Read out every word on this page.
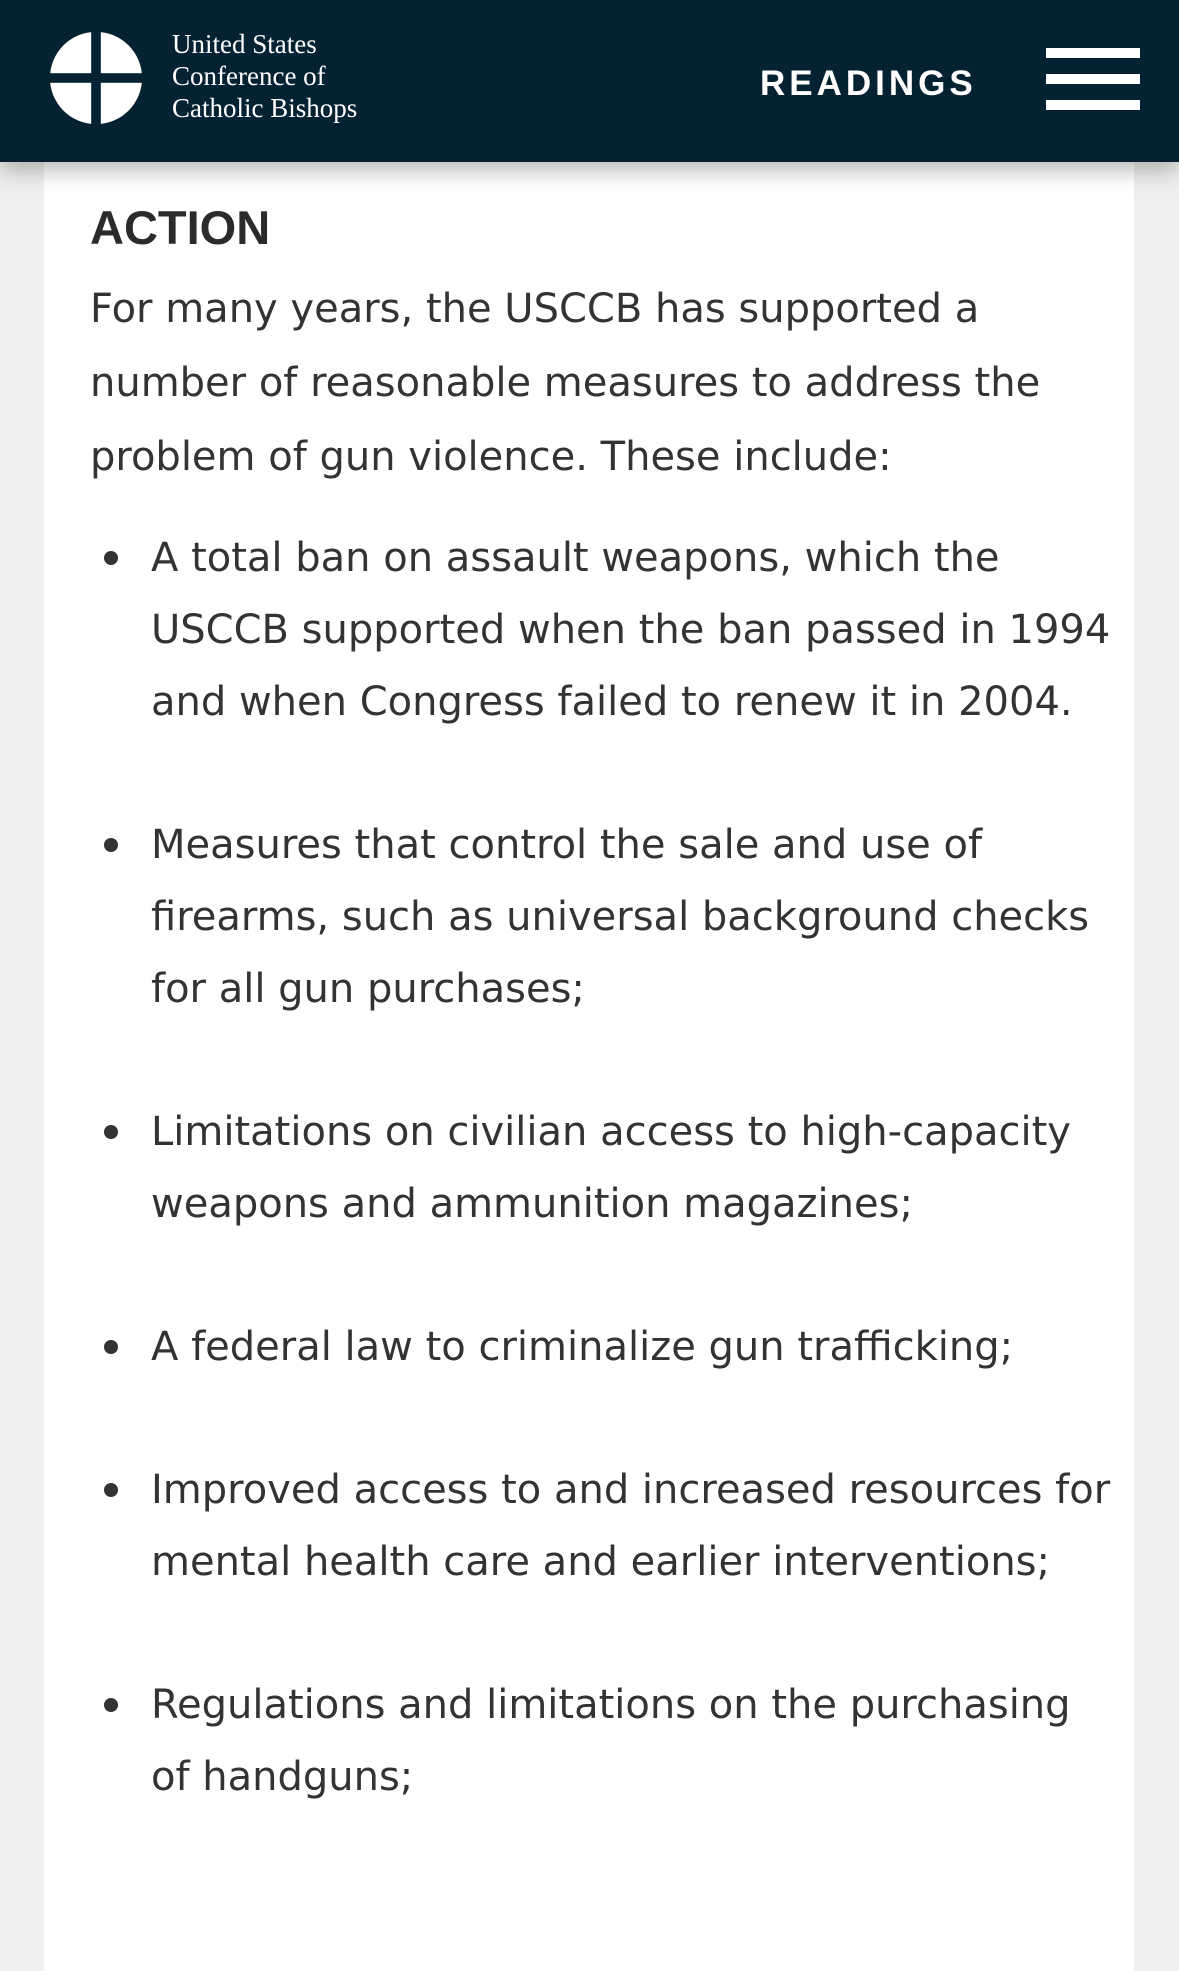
United States
Conference of
Catholic Bishops
READINGS
ACTION

For many years, the USCCB has supported a number of reasonable measures to address the problem of gun violence. These include:

A total ban on assault weapons, which the USCCB supported when the ban passed in 1994 and when Congress failed to renew it in 2004.
Measures that control the sale and use of firearms, such as universal background checks for all gun purchases;
Limitations on civilian access to high-capacity weapons and ammunition magazines;
A federal law to criminalize gun trafficking;
Improved access to and increased resources for mental health care and earlier interventions;
Regulations and limitations on the purchasing of handguns;
